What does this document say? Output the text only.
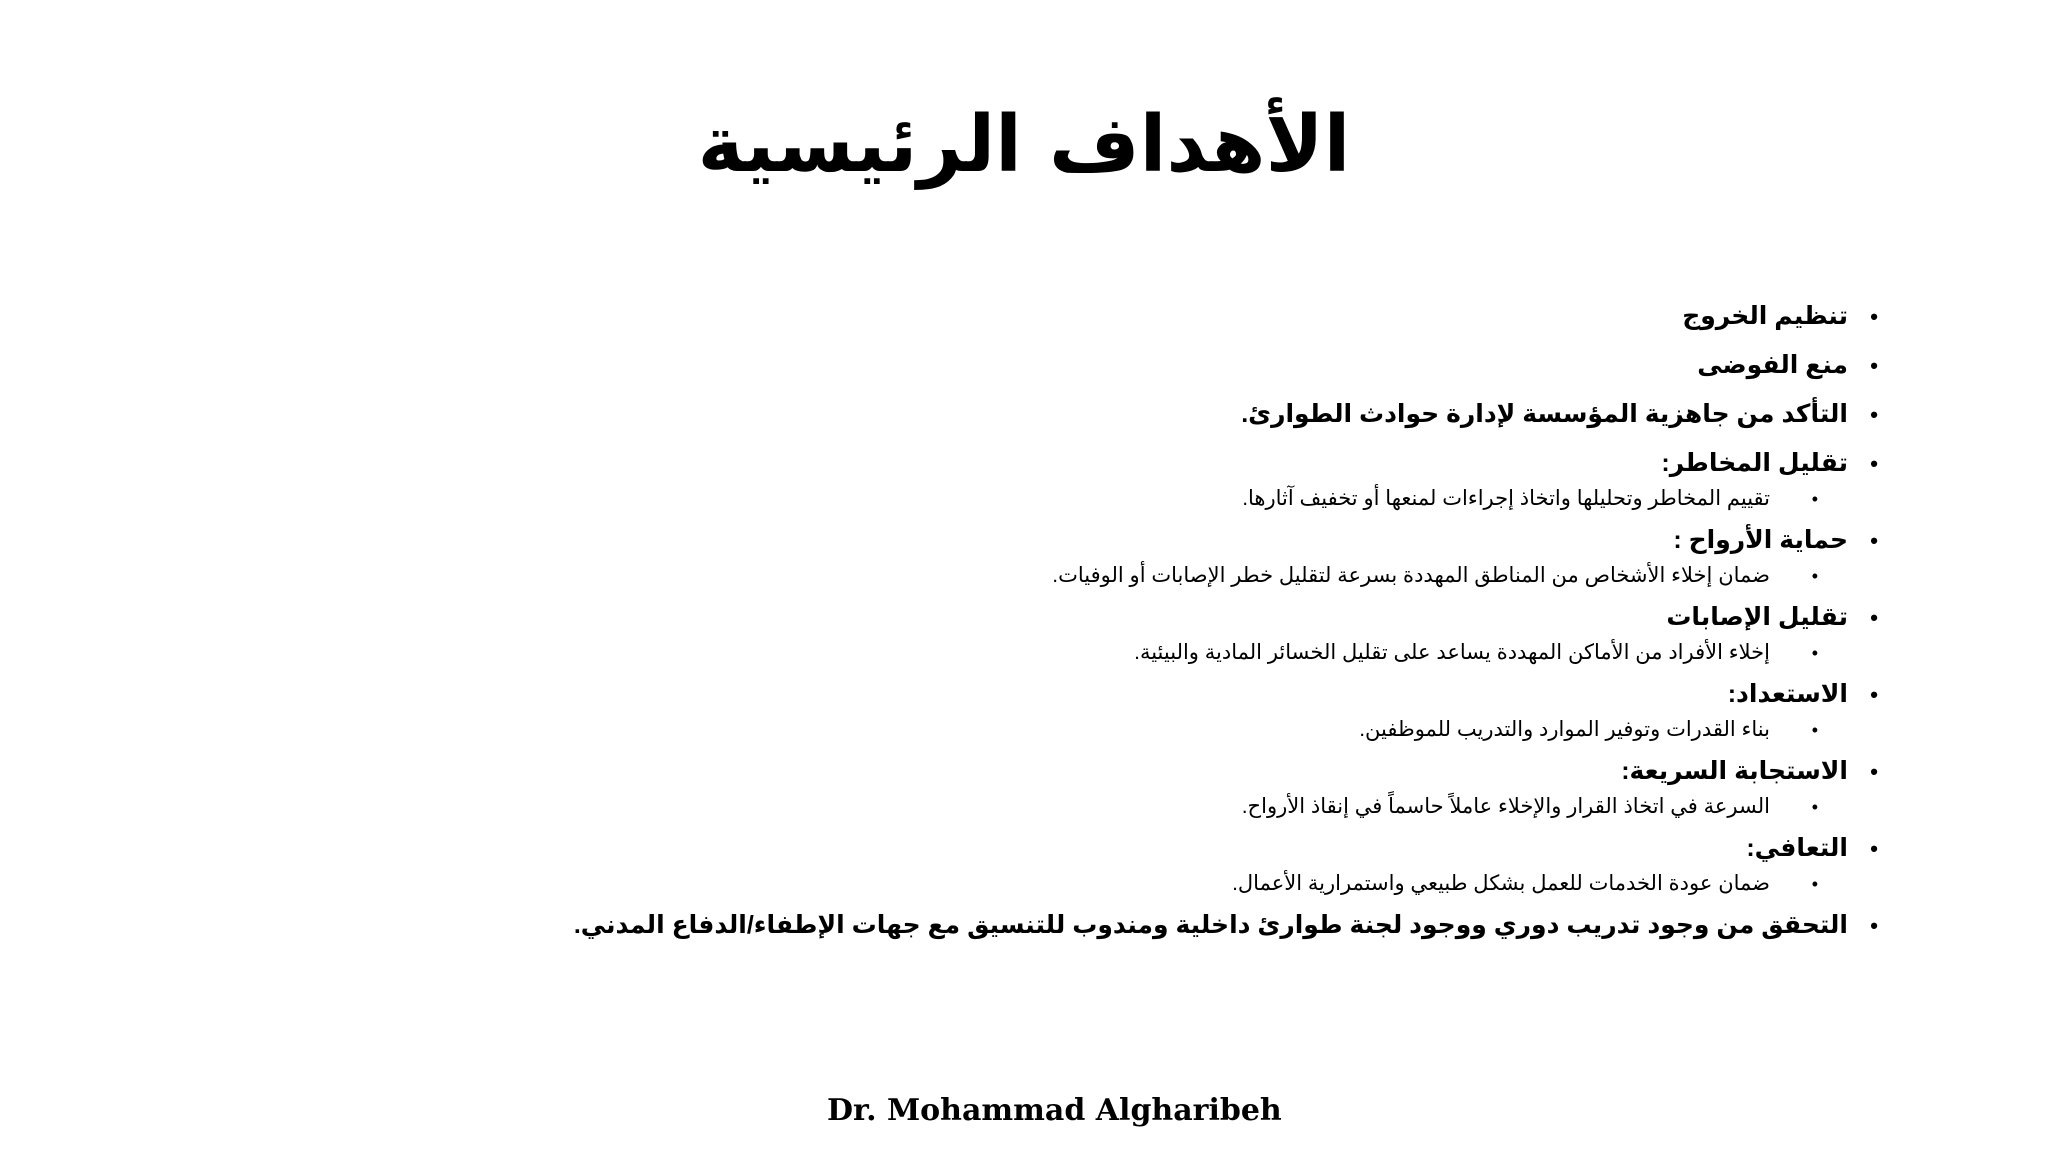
الأهداف الرئيسية
•
تنظيم الخروج
•
منع الفوضى
•
التأكد من جاهزية المؤسسة لإدارة حوادث الطوارئ.
•
تقليل المخاطر:
•
تقييم المخاطر وتحليلها واتخاذ إجراءات لمنعها أو تخفيف آثارها.
•
حماية الأرواح :
•
ضمان إخلاء الأشخاص من المناطق المهددة بسرعة لتقليل خطر الإصابات أو الوفيات.
•
تقليل الإصابات
•
إخلاء الأفراد من الأماكن المهددة يساعد على تقليل الخسائر المادية والبيئية.
•
الاستعداد:
•
بناء القدرات وتوفير الموارد والتدريب للموظفين.
•
الاستجابة السريعة:
•
السرعة في اتخاذ القرار والإخلاء عاملاً حاسماً في إنقاذ الأرواح.
•
التعافي:
•
ضمان عودة الخدمات للعمل بشكل طبيعي واستمرارية الأعمال.
•
التحقق من وجود تدريب دوري ووجود لجنة طوارئ داخلية ومندوب للتنسيق مع جهات الإطفاء/الدفاع المدني.
Dr. Mohammad Algharibeh
